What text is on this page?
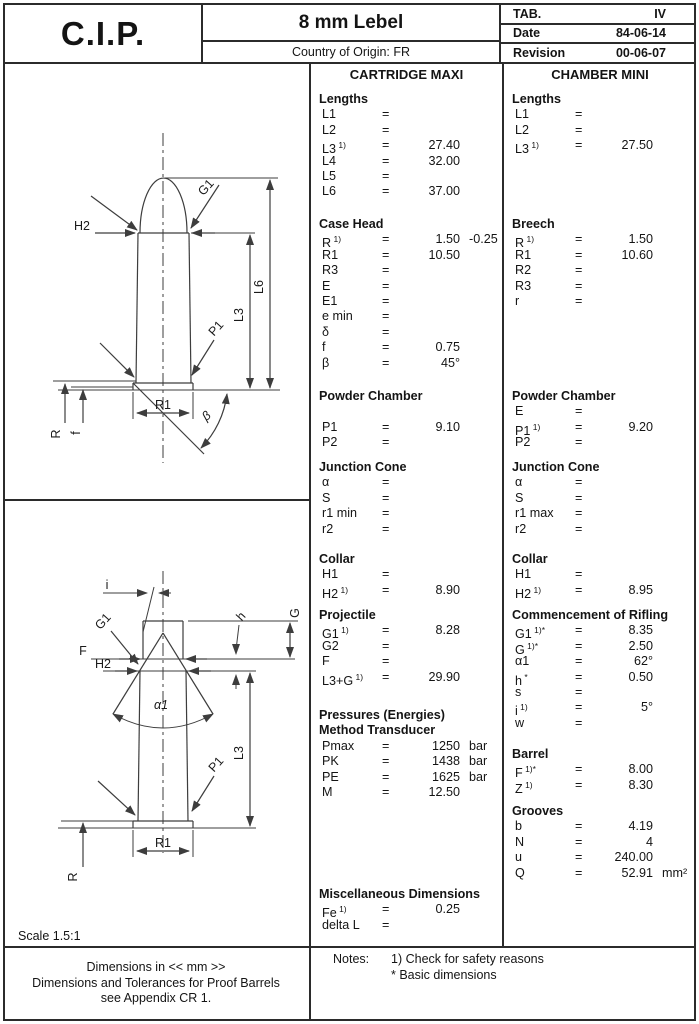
C.I.P.	8 mm Lebel
Country of Origin: FR
TAB.	IV
Date	84-06-14
Revision	00-06-07
H2
G1
P1
L3
L6
R1
β
R f
i
G
G1	h
F
H2
α1
L3
P1
R1
R
Scale 1.5:1
CARTRIDGE MAXI
Lengths
L1	=
L2	=
L3 $^{1)}$	=	27.40
L4	=	32.00
L5	=
L6	=	37.00
Case Head
R $^{1)}$	=	1.50 -0.25
R1	=	10.50
R3	=
E	=
E1	=
e min	=
δ	=
f	=	0.75
β	=	45°
Powder Chamber
P1	=	9.10
P2	=
Junction Cone
α	=
S	=
r1 min	=
r2	=
Collar
H1	=
H2 $^{1)}$	=	8.90
Projectile
G1 $^{1)}$	=	8.28
G2	=
F	=
L3+G $^{1)}$	=	29.90
Pressures (Energies)
Method Transducer
Pmax	=	1250 bar
PK	=	1438 bar
PE	=	1625 bar
M	=	12.50
Miscellaneous Dimensions
Fe $^{1)}$	=	0.25
delta L	=
CHAMBER MINI
Lengths
L1	=
L2	=
L3 $^{1)}$	=	27.50
Breech
R $^{1)}$	=	1.50
R1	=	10.60
R2	=
R3	=
r	=
Powder Chamber
E	=
P1 $^{1)}$	=	9.20
P2	=
Junction Cone
α	=
S	=
r1 max	=
r2	=
Collar
H1	=
H2 $^{1)}$	=	8.95
Commencement of Rifling
G1 $^{1)*}$	=	8.35
G $^{1)*}$	=	2.50
α1	=	62°
h *	=	0.50
s	=
i $^{1)}$	=	5°
w	=
Barrel
F $^{1)*}$	=	8.00
Z $^{1)}$	=	8.30
Grooves
b	=	4.19
N	=	4
u	=	240.00
Q	=	52.91 mm²
Dimensions in << mm >>
Dimensions and Tolerances for Proof Barrels
see Appendix CR 1.
Notes:	1) Check for safety reasons
* Basic dimensions
